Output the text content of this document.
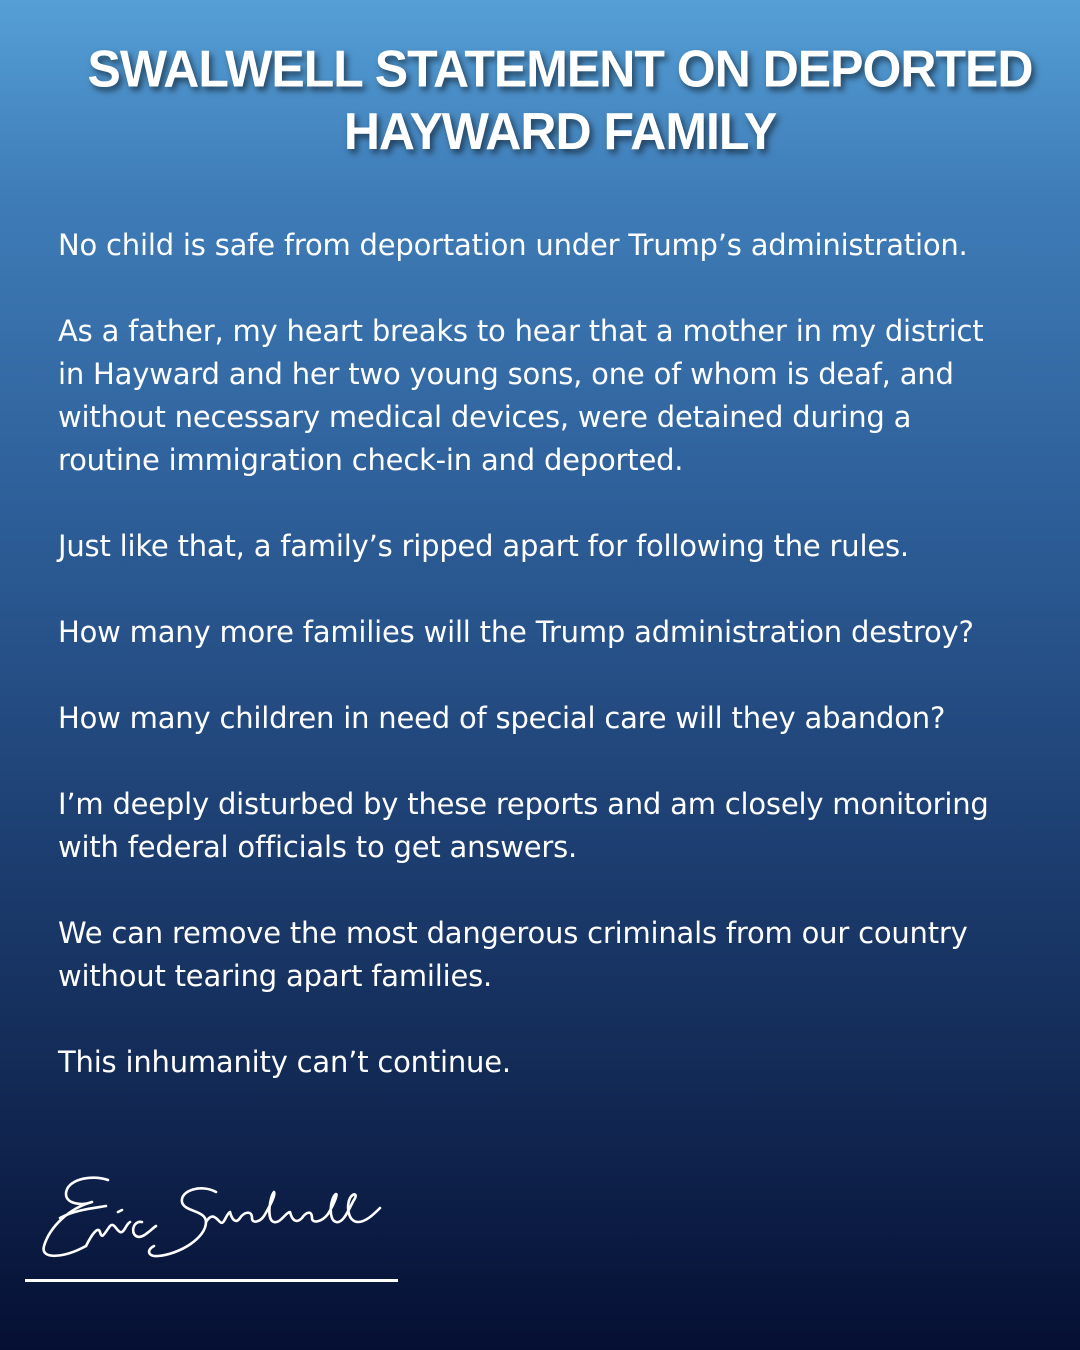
SWALWELL STATEMENT ON DEPORTED
HAYWARD FAMILY

No child is safe from deportation under Trump’s administration.

As a father, my heart breaks to hear that a mother in my district
in Hayward and her two young sons, one of whom is deaf, and
without necessary medical devices, were detained during a
routine immigration check-in and deported.

Just like that, a family’s ripped apart for following the rules.

How many more families will the Trump administration destroy?

How many children in need of special care will they abandon?

I’m deeply disturbed by these reports and am closely monitoring
with federal officials to get answers.

We can remove the most dangerous criminals from our country
without tearing apart families.

This inhumanity can’t continue.
